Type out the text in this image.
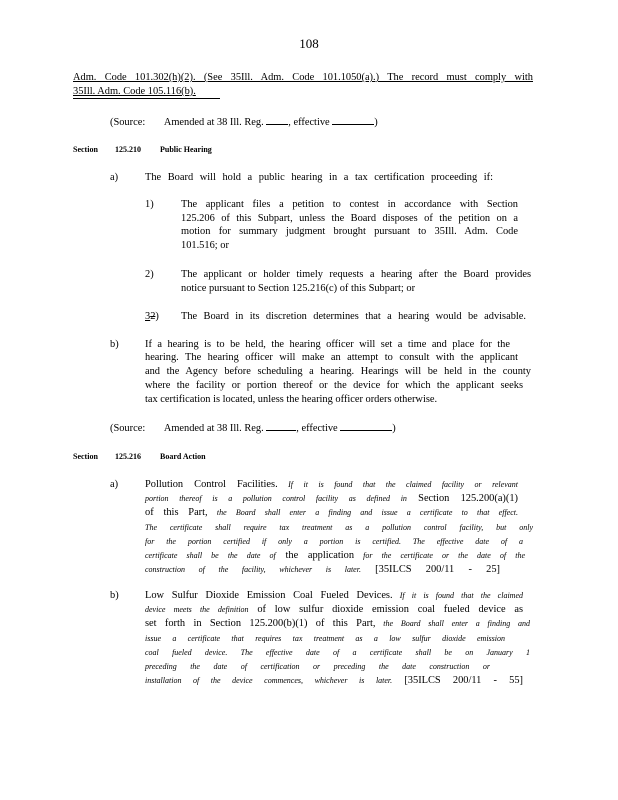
108
Adm. Code 101.302(h)(2). (See 35Ill. Adm. Code 101.1050(a).) The record must comply with
35Ill. Adm. Code 105.116(b).
(Source: Amended at 38 Ill. Reg. , effective	)
Section 125.210 Public Hearing
a)	The Board will hold a public hearing in a tax certification proceeding if:
1)	The applicant files a petition to contest in accordance with Section
125.206 of this Subpart, unless the Board disposes of the petition on a
motion for summary judgment brought pursuant to 35Ill. Adm. Code
101.516; or
2)	The applicant or holder timely requests a hearing after the Board provides
notice pursuant to Section 125.216(c) of this Subpart; or
32) The Board in its discretion determines that a hearing would be advisable.
b)	If a hearing is to be held, the hearing officer will set a time and place for the
hearing. The hearing officer will make an attempt to consult with the applicant
and the Agency before scheduling a hearing. Hearings will be held in the county
where the facility or portion thereof or the device for which the applicant seeks
tax certification is located, unless the hearing officer orders otherwise.
(Source: Amended at 38 Ill. Reg.	, effective	)
Section 125.216 Board Action
a)	Pollution Control Facilities. If it is found that the claimed facility or relevant
portion thereof is a pollution control facility as defined in Section 125.200(a)(1)
of this Part, the Board shall enter a finding and issue a certificate to that effect.
The certificate shall require tax treatment as a pollution control facility, but only
for the portion certified if only a portion is certified. The effective date of a
certificate shall be the date of the application for the certificate or the date of the
construction of the facility, whichever is later. [35ILCS 200/11 - 25]
b)	Low Sulfur Dioxide Emission Coal Fueled Devices. If it is found that the claimed
device meets the definition of low sulfur dioxide emission coal fueled device as
set forth in Section 125.200(b)(1) of this Part, the Board shall enter a finding and
issue a certificate that requires tax treatment as a low sulfur dioxide emission
coal fueled device. The effective date of a certificate shall be on January 1
preceding the date of certification or preceding the date construction or
installation of the device commences, whichever is later. [35ILCS 200/11 - 55]
